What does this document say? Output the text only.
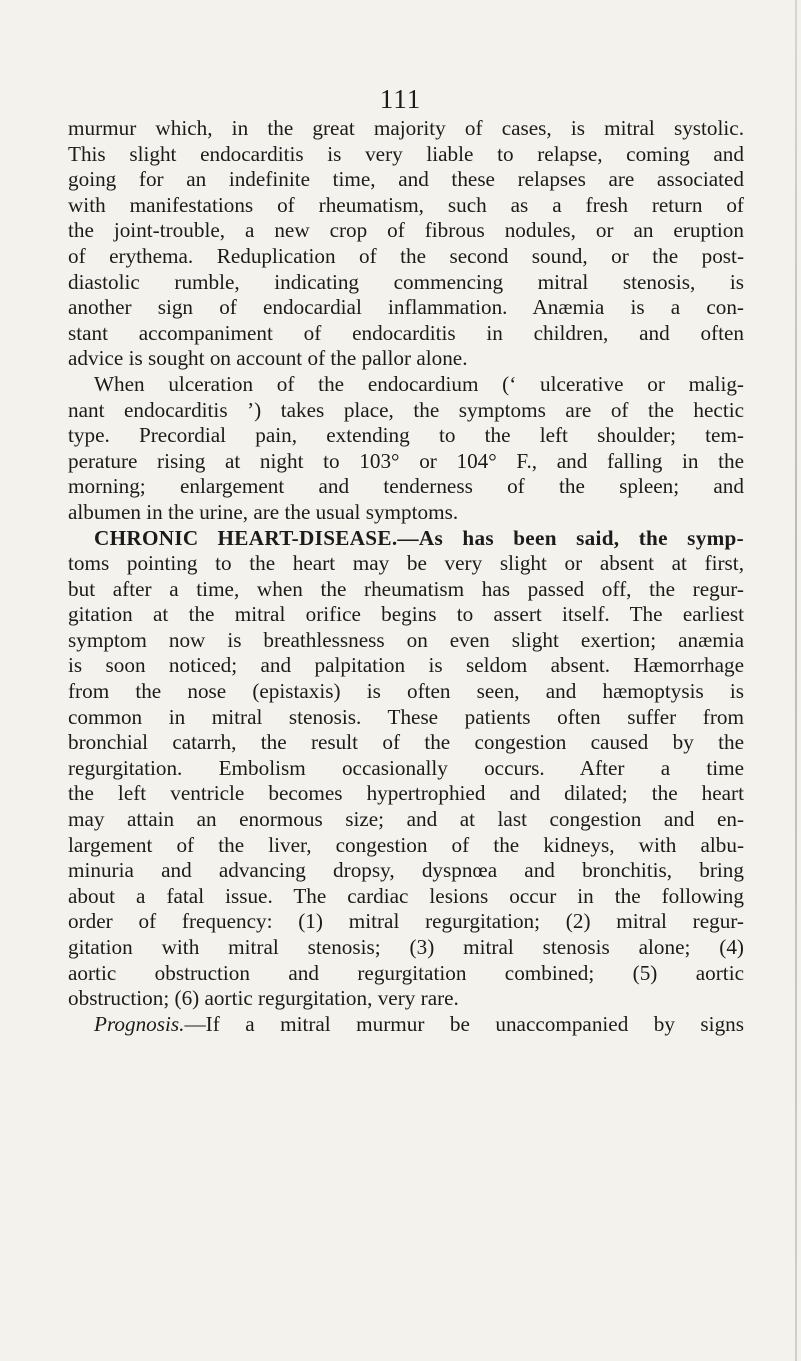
111
murmur which, in the great majority of cases, is mitral systolic.
This slight endocarditis is very liable to relapse, coming and
going for an indefinite time, and these relapses are associated
with manifestations of rheumatism, such as a fresh return of
the joint-trouble, a new crop of fibrous nodules, or an eruption
of erythema. Reduplication of the second sound, or the post-
diastolic rumble, indicating commencing mitral stenosis, is
another sign of endocardial inflammation. Anæmia is a con-
stant accompaniment of endocarditis in children, and often
advice is sought on account of the pallor alone.
When ulceration of the endocardium (‘ ulcerative or malig-
nant endocarditis ’) takes place, the symptoms are of the hectic
type. Precordial pain, extending to the left shoulder; tem-
perature rising at night to 103° or 104° F., and falling in the
morning; enlargement and tenderness of the spleen; and
albumen in the urine, are the usual symptoms.
CHRONIC HEART-DISEASE.—As has been said, the symp-
toms pointing to the heart may be very slight or absent at first,
but after a time, when the rheumatism has passed off, the regur-
gitation at the mitral orifice begins to assert itself. The earliest
symptom now is breathlessness on even slight exertion; anæmia
is soon noticed; and palpitation is seldom absent. Hæmorrhage
from the nose (epistaxis) is often seen, and hæmoptysis is
common in mitral stenosis. These patients often suffer from
bronchial catarrh, the result of the congestion caused by the
regurgitation. Embolism occasionally occurs. After a time
the left ventricle becomes hypertrophied and dilated; the heart
may attain an enormous size; and at last congestion and en-
largement of the liver, congestion of the kidneys, with albu-
minuria and advancing dropsy, dyspnœa and bronchitis, bring
about a fatal issue. The cardiac lesions occur in the following
order of frequency: (1) mitral regurgitation; (2) mitral regur-
gitation with mitral stenosis; (3) mitral stenosis alone; (4)
aortic obstruction and regurgitation combined; (5) aortic
obstruction; (6) aortic regurgitation, very rare.
Prognosis.—If a mitral murmur be unaccompanied by signs
